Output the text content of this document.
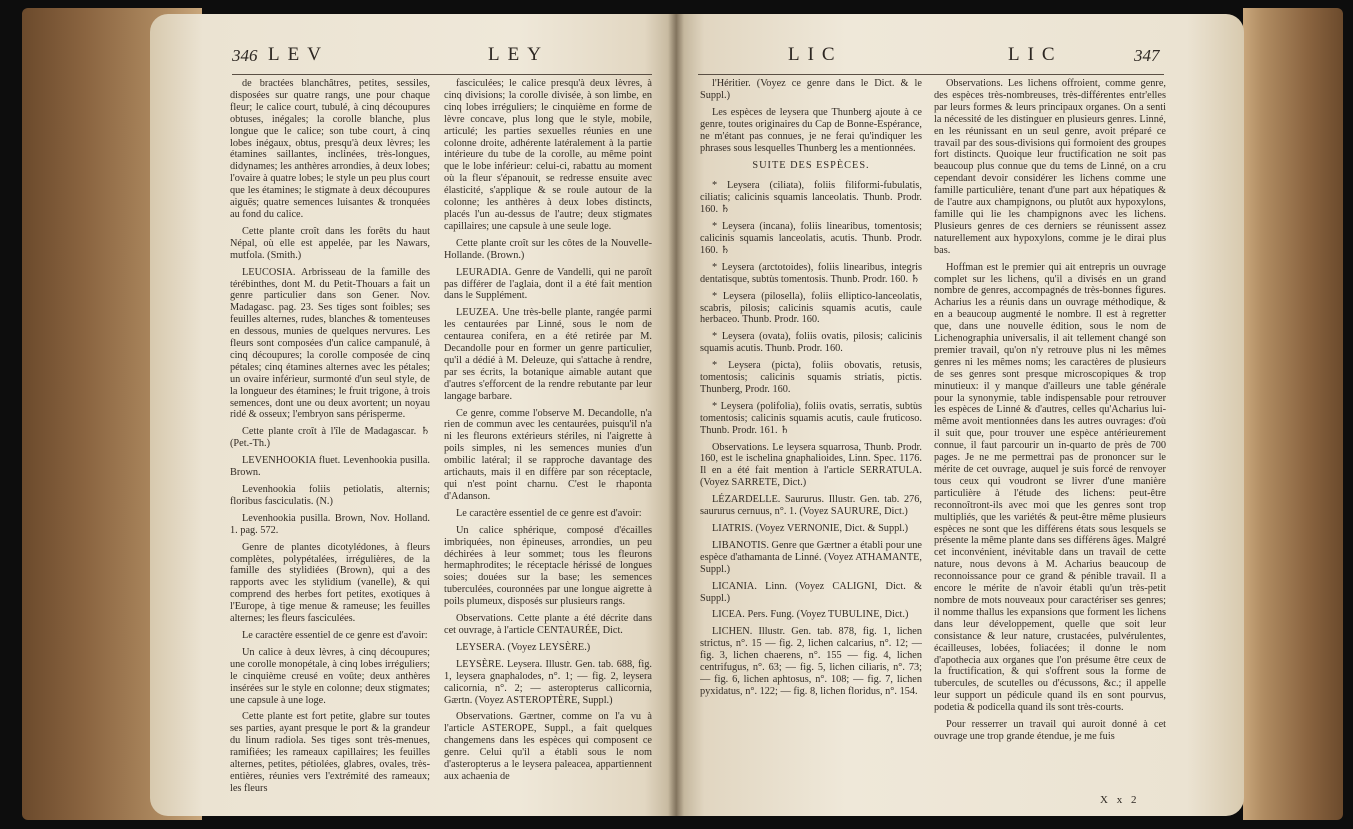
346 LEV	LEY

de bractées blanchâtres, petites, sessiles, disposées sur quatre rangs, une pour chaque fleur; le calice court, tubulé, à cinq découpures obtuses, inégales; la corolle blanche, plus longue que le calice; son tube court, à cinq lobes inégaux, obtus, presqu'à deux lèvres; les étamines saillantes, inclinées, très-longues, didynames; les anthères arrondies, à deux lobes; l'ovaire à quatre lobes; le style un peu plus court que les étamines; le stigmate à deux découpures aiguës; quatre semences luisantes & tronquées au fond du calice.

Cette plante croît dans les forêts du haut Népal, où elle est appelée, par les Nawars, mutfola. (Smith.)

LEUCOSIA. Arbrisseau de la famille des térébinthes, dont M. du Petit-Thouars a fait un genre particulier dans son Gener. Nov. Madagasc. pag. 23. Ses tiges sont foibles; ses feuilles alternes, rudes, blanches & tomenteuses en dessous, munies de quelques nervures. Les fleurs sont composées d'un calice campanulé, à cinq découpures; la corolle composée de cinq pétales; cinq étamines alternes avec les pétales; un ovaire inférieur, surmonté d'un seul style, de la longueur des étamines; le fruit trigone, à trois semences, dont une ou deux avortent; un noyau ridé & osseux; l'embryon sans périsperme.

Cette plante croît à l'île de Madagascar. ♄ (Pet.-Th.)

LEVENHOOKIA fluet. Levenhookia pusilla. Brown.

Levenhookia foliis petiolatis, alternis; floribus fasciculatis. (N.)

Levenhookia pusilla. Brown, Nov. Holland. 1. pag. 572.

Genre de plantes dicotylédones, à fleurs complètes, polypétalées, irrégulières, de la famille des stylidiées (Brown), qui a des rapports avec les stylidium (vanelle), & qui comprend des herbes fort petites, exotiques à l'Europe, à tige menue & rameuse; les feuilles alternes; les fleurs fasciculées.

Le caractère essentiel de ce genre est d'avoir:

Un calice à deux lèvres, à cinq découpures; une corolle monopétale, à cinq lobes irréguliers; le cinquième creusé en voûte; deux anthères insérées sur le style en colonne; deux stigmates; une capsule à une loge.

Cette plante est fort petite, glabre sur toutes ses parties, ayant presque le port & la grandeur du linum radiola. Ses tiges sont très-menues, ramifiées; les rameaux capillaires; les feuilles alternes, petites, pétiolées, glabres, ovales, très-entières, réunies vers l'extrémité des rameaux; les fleurs

fasciculées; le calice presqu'à deux lèvres, à cinq divisions; la corolle divisée, à son limbe, en cinq lobes irréguliers; le cinquième en forme de lèvre concave, plus long que le style, mobile, articulé; les parties sexuelles réunies en une colonne droite, adhérente latéralement à la partie intérieure du tube de la corolle, au même point que le lobe inférieur: celui-ci, rabattu au moment où la fleur s'épanouit, se redresse ensuite avec élasticité, s'applique & se roule autour de la colonne; les anthères à deux lobes distincts, placés l'un au-dessus de l'autre; deux stigmates capillaires; une capsule à une seule loge.

Cette plante croît sur les côtes de la Nouvelle-Hollande. (Brown.)

LEURADIA. Genre de Vandelli, qui ne paroît pas différer de l'aglaia, dont il a été fait mention dans le Supplément.

LEUZEA. Une très-belle plante, rangée parmi les centaurées par Linné, sous le nom de centaurea conifera, en a été retirée par M. Decandolle pour en former un genre particulier, qu'il a dédié à M. Deleuze, qui s'attache à rendre, par ses écrits, la botanique aimable autant que d'autres s'efforcent de la rendre rebutante par leur langage barbare.

Ce genre, comme l'observe M. Decandolle, n'a rien de commun avec les centaurées, puisqu'il n'a ni les fleurons extérieurs stériles, ni l'aigrette à poils simples, ni les semences munies d'un ombilic latéral; il se rapproche davantage des artichauts, mais il en diffère par son réceptacle, qui n'est point charnu. C'est le rhaponta d'Adanson.

Le caractère essentiel de ce genre est d'avoir:

Un calice sphérique, composé d'écailles imbriquées, non épineuses, arrondies, un peu déchirées à leur sommet; tous les fleurons hermaphrodites; le réceptacle hérissé de longues soies; douées sur la base; les semences tuberculées, couronnées par une longue aigrette à poils plumeux, disposés sur plusieurs rangs.

Observations. Cette plante a été décrite dans cet ouvrage, à l'article CENTAURÉE, Dict.

LEYSERA. (Voyez LEYSÈRE.)

LEYSÈRE. Leysera. Illustr. Gen. tab. 688, fig. 1, leysera gnaphalodes, n°. 1; — fig. 2, leysera calicornia, n°. 2; — asteropterus callicornia, Gærtn. (Voyez ASTEROPTÈRE, Suppl.)

Observations. Gærtner, comme on l'a vu à l'article ASTEROPE, Suppl., a fait quelques changemens dans les espèces qui composent ce genre. Celui qu'il a établi sous le nom d'asteropterus a le leysera paleacea, appartiennent aux achaenia de

LIC	LIC	347

l'Héritier. (Voyez ce genre dans le Dict. & le Suppl.)

Les espèces de leysera que Thunberg ajoute à ce genre, toutes originaires du Cap de Bonne-Espérance, ne m'étant pas connues, je ne ferai qu'indiquer les phrases sous lesquelles Thunberg les a mentionnées.

SUITE DES ESPÈCES.

* Leysera (ciliata), foliis filiformi-fubulatis, ciliatis; calicinis squamis lanceolatis. Thunb. Prodr. 160. ♄

* Leysera (incana), foliis linearibus, tomentosis; calicinis squamis lanceolatis, acutis. Thunb. Prodr. 160. ♄

* Leysera (arctotoides), foliis linearibus, integris dentatisque, subtùs tomentosis. Thunb. Prodr. 160. ♄

* Leysera (pilosella), foliis elliptico-lanceolatis, scabris, pilosis; calicinis squamis acutis, caule herbaceo. Thunb. Prodr. 160.

* Leysera (ovata), foliis ovatis, pilosis; calicinis squamis acutis. Thunb. Prodr. 160.

* Leysera (picta), foliis obovatis, retusis, tomentosis; calicinis squamis striatis, pictis. Thunberg, Prodr. 160.

* Leysera (polifolia), foliis ovatis, serratis, subtùs tomentosis; calicinis squamis acutis, caule fruticoso. Thunb. Prodr. 161. ♄

Observations. Le leysera squarrosa, Thunb. Prodr. 160, est le ischelina gnaphalioides, Linn. Spec. 1176. Il en a été fait mention à l'article SERRATULA. (Voyez SARRETE, Dict.)

LÉZARDELLE. Saururus. Illustr. Gen. tab. 276, saururus cernuus, n°. 1. (Voyez SAURURE, Dict.)

LIATRIS. (Voyez VERNONIE, Dict. & Suppl.)

LIBANOTIS. Genre que Gærtner a établi pour une espèce d'athamanta de Linné. (Voyez ATHAMANTE, Suppl.)

LICANIA. Linn. (Voyez CALIGNI, Dict. & Suppl.)

LICEA. Pers. Fung. (Voyez TUBULINE, Dict.)

LICHEN. Illustr. Gen. tab. 878, fig. 1, lichen strictus, n°. 15 — fig. 2, lichen calcarius, n°. 12; — fig. 3, lichen chaerens, n°. 155 — fig. 4, lichen centrifugus, n°. 63; — fig. 5, lichen ciliaris, n°. 73; — fig. 6, lichen aphtosus, n°. 108; — fig. 7, lichen pyxidatus, n°. 122; — fig. 8, lichen floridus, n°. 154.

Observations. Les lichens offroient, comme genre, des espèces très-nombreuses, très-différentes entr'elles par leurs formes & leurs principaux organes. On a senti la nécessité de les distinguer en plusieurs genres. Linné, en les réunissant en un seul genre, avoit préparé ce travail par des sous-divisions qui formoient des groupes fort distincts. Quoique leur fructification ne soit pas beaucoup plus connue que du tems de Linné, on a cru cependant devoir considérer les lichens comme une famille particulière, tenant d'une part aux hépatiques & de l'autre aux champignons, ou plutôt aux hypoxylons, famille qui lie les champignons avec les lichens. Plusieurs genres de ces derniers se réunissent assez naturellement aux hypoxylons, comme je le dirai plus bas.

Hoffman est le premier qui ait entrepris un ouvrage complet sur les lichens, qu'il a divisés en un grand nombre de genres, accompagnés de très-bonnes figures. Acharius les a réunis dans un ouvrage méthodique, & en a beaucoup augmenté le nombre. Il est à regretter que, dans une nouvelle édition, sous le nom de Lichenographia universalis, il ait tellement changé son premier travail, qu'on n'y retrouve plus ni les mêmes genres ni les mêmes noms; les caractères de plusieurs de ses genres sont presque microscopiques & trop minutieux: il y manque d'ailleurs une table générale pour la synonymie, table indispensable pour retrouver les espèces de Linné & d'autres, celles qu'Acharius lui-même avoit mentionnées dans les autres ouvrages: d'où il suit que, pour trouver une espèce antérieurement connue, il faut parcourir un in-quarto de près de 700 pages. Je ne me permettrai pas de prononcer sur le mérite de cet ouvrage, auquel je suis forcé de renvoyer tous ceux qui voudront se livrer d'une manière particulière à l'étude des lichens: peut-être reconnoîtront-ils avec moi que les genres sont trop multipliés, que les variétés & peut-être même plusieurs espèces ne sont que les différens états sous lesquels se présente la même plante dans ses différens âges. Malgré cet inconvénient, inévitable dans un travail de cette nature, nous devons à M. Acharius beaucoup de reconnoissance pour ce grand & pénible travail. Il a encore le mérite de n'avoir établi qu'un très-petit nombre de mots nouveaux pour caractériser ses genres; il nomme thallus les expansions que forment les lichens dans leur développement, quelle que soit leur consistance & leur nature, crustacées, pulvérulentes, écailleuses, lobées, foliacées; il donne le nom d'apothecia aux organes que l'on présume être ceux de la fructification, & qui s'offrent sous la forme de tubercules, de scutelles ou d'écussons, &c.; il appelle leur support un pédicule quand ils en sont pourvus, podetia & podicella quand ils sont très-courts.

Pour resserrer un travail qui auroit donné à cet ouvrage une trop grande étendue, je me fuis

X x 2
